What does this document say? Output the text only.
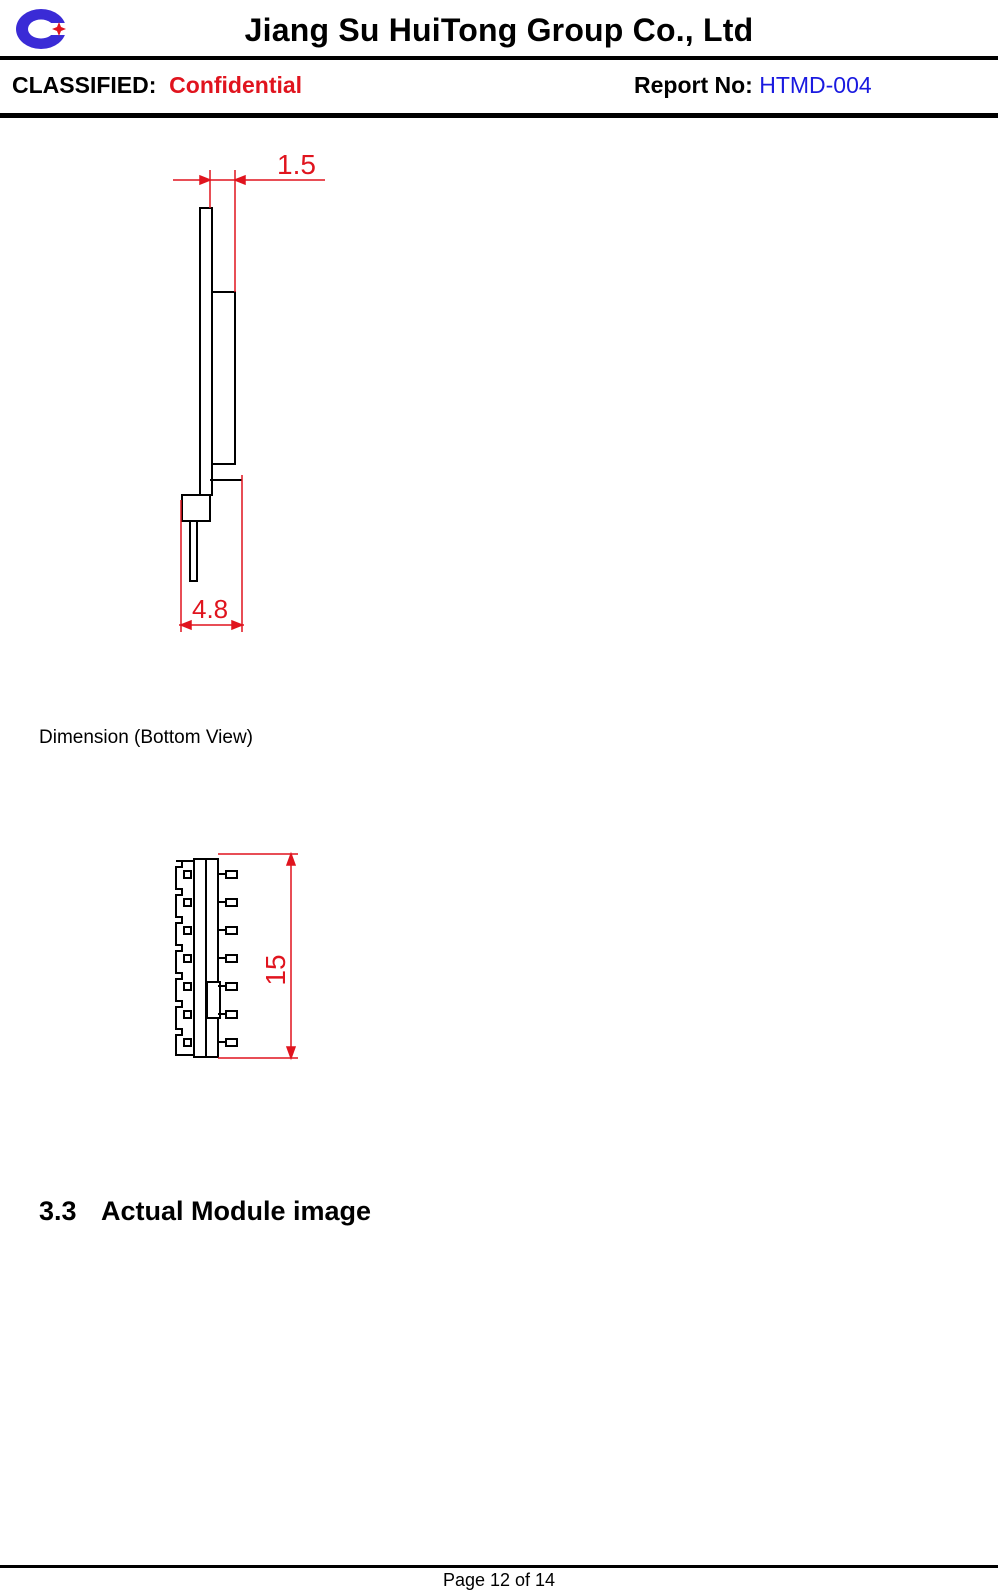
Jiang Su HuiTong Group Co., Ltd
CLASSIFIED: Confidential	Report No: HTMD-004
1.5
4.8
Dimension (Bottom View)
15
3.3 Actual Module image
Page 12 of 14
